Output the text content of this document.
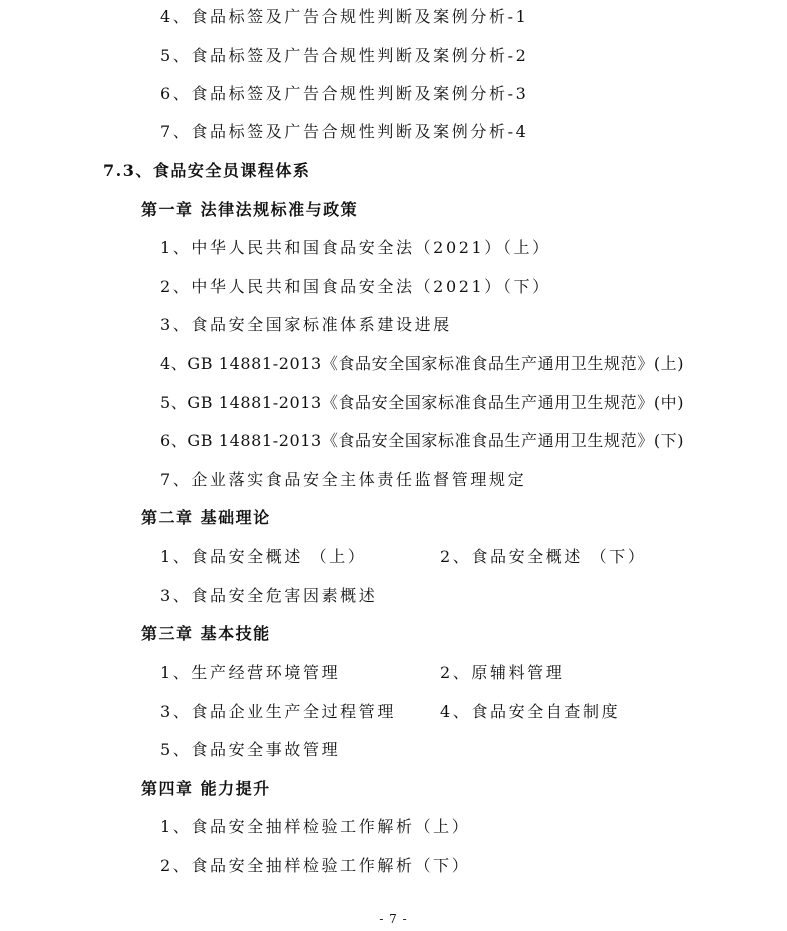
4、食品标签及广告合规性判断及案例分析-1
5、食品标签及广告合规性判断及案例分析-2
6、食品标签及广告合规性判断及案例分析-3
7、食品标签及广告合规性判断及案例分析-4
7.3、食品安全员课程体系
第一章 法律法规标准与政策
1、中华人民共和国食品安全法（2021）（上）
2、中华人民共和国食品安全法（2021）（下）
3、食品安全国家标准体系建设进展
4、GB 14881-2013《食品安全国家标准食品生产通用卫生规范》(上)
5、GB 14881-2013《食品安全国家标准食品生产通用卫生规范》(中)
6、GB 14881-2013《食品安全国家标准食品生产通用卫生规范》(下)
7、企业落实食品安全主体责任监督管理规定
第二章 基础理论
1、食品安全概述 （上）	2、食品安全概述 （下）
3、食品安全危害因素概述
第三章 基本技能
1、生产经营环境管理	2、原辅料管理
3、食品企业生产全过程管理	4、食品安全自查制度
5、食品安全事故管理
第四章 能力提升
1、食品安全抽样检验工作解析（上）
2、食品安全抽样检验工作解析（下）
- 7 -
